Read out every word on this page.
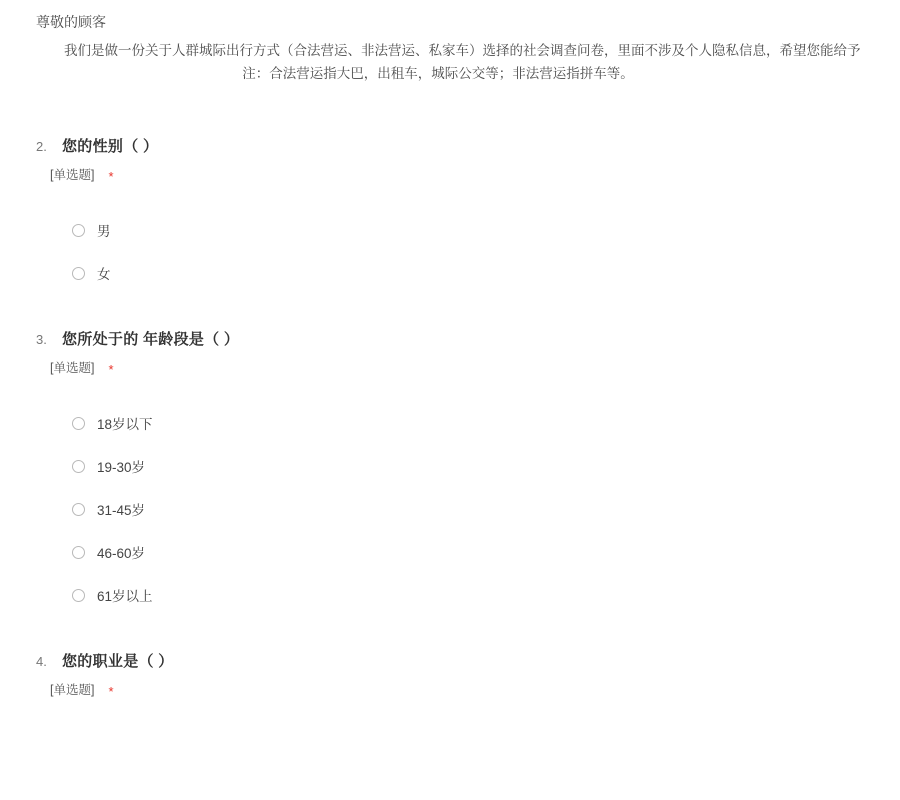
尊敬的顾客
我们是做一份关于人群城际出行方式（合法营运、非法营运、私家车）选择的社会调查问卷，里面不涉及个人隐私信息，希望您能给予
注：合法营运指大巴，出租车，城际公交等；非法营运指拼车等。
2.	您的性别（ ）
[单选题] *
男
女
3.	您所处于的 年龄段是（ ）
[单选题] *
18岁以下
19-30岁
31-45岁
46-60岁
61岁以上
4.	您的职业是（ ）
[单选题] *
